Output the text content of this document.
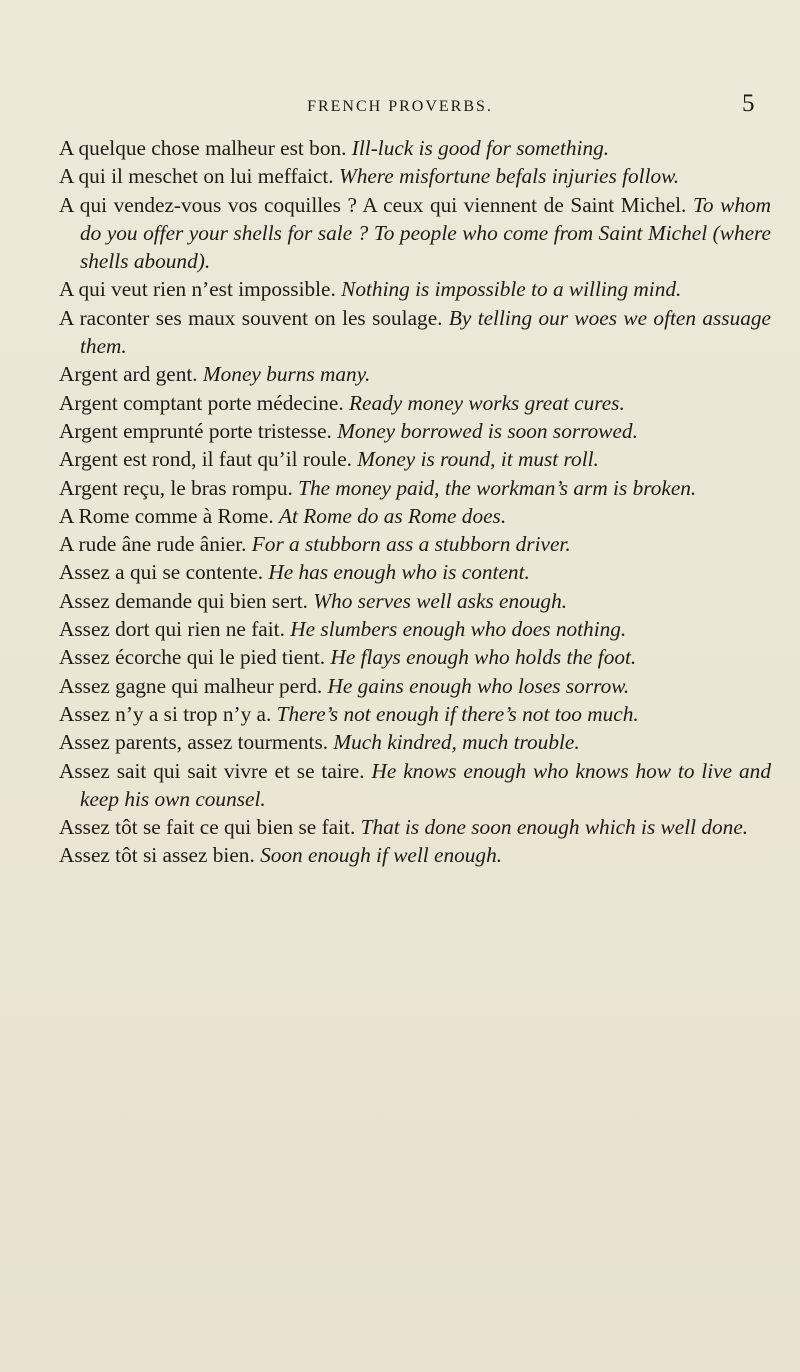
FRENCH PROVERBS.	5
A quelque chose malheur est bon. Ill-luck is good for something.
A qui il meschet on lui meffaict. Where misfortune befals injuries follow.
A qui vendez-vous vos coquilles ? A ceux qui viennent de Saint Michel. To whom do you offer your shells for sale ? To people who come from Saint Michel (where shells abound).
A qui veut rien n’est impossible. Nothing is impossible to a willing mind.
A raconter ses maux souvent on les soulage. By telling our woes we often assuage them.
Argent ard gent. Money burns many.
Argent comptant porte médecine. Ready money works great cures.
Argent emprunté porte tristesse. Money borrowed is soon sorrowed.
Argent est rond, il faut qu’il roule. Money is round, it must roll.
Argent reçu, le bras rompu. The money paid, the workman’s arm is broken.
A Rome comme à Rome. At Rome do as Rome does.
A rude âne rude ânier. For a stubborn ass a stubborn driver.
Assez a qui se contente. He has enough who is content.
Assez demande qui bien sert. Who serves well asks enough.
Assez dort qui rien ne fait. He slumbers enough who does nothing.
Assez écorche qui le pied tient. He flays enough who holds the foot.
Assez gagne qui malheur perd. He gains enough who loses sorrow.
Assez n’y a si trop n’y a. There’s not enough if there’s not too much.
Assez parents, assez tourments. Much kindred, much trouble.
Assez sait qui sait vivre et se taire. He knows enough who knows how to live and keep his own counsel.
Assez tôt se fait ce qui bien se fait. That is done soon enough which is well done.
Assez tôt si assez bien. Soon enough if well enough.
